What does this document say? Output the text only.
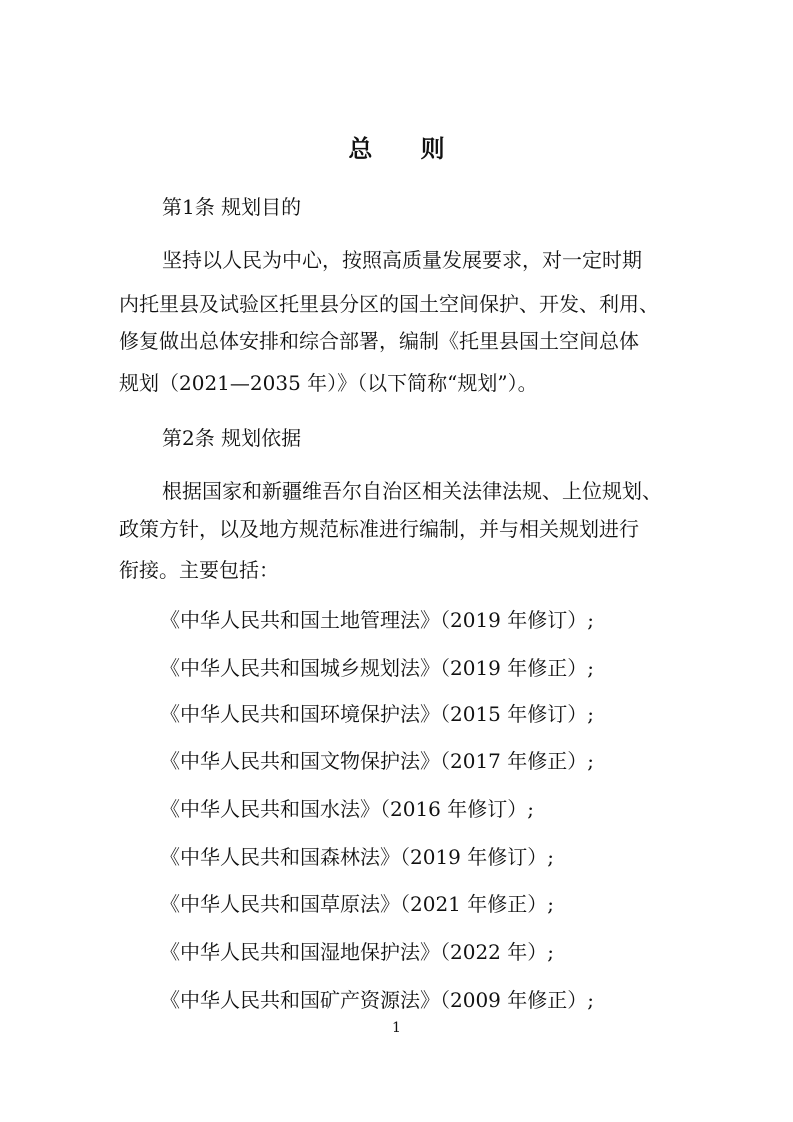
总 则
第1条 规划目的
坚持以人民为中心，按照高质量发展要求，对一定时期
内托里县及试验区托里县分区的国土空间保护、开发、利用、
修复做出总体安排和综合部署，编制《托里县国土空间总体
规划（2021—2035 年）》（以下简称“规划”）。
第2条 规划依据
根据国家和新疆维吾尔自治区相关法律法规、上位规划、
政策方针，以及地方规范标准进行编制，并与相关规划进行
衔接。主要包括：
《中华人民共和国土地管理法》（2019 年修订）;
《中华人民共和国城乡规划法》（2019 年修正）;
《中华人民共和国环境保护法》（2015 年修订）;
《中华人民共和国文物保护法》（2017 年修正）;
《中华人民共和国水法》（2016 年修订）;
《中华人民共和国森林法》（2019 年修订）;
《中华人民共和国草原法》（2021 年修正）;
《中华人民共和国湿地保护法》（2022 年）;
《中华人民共和国矿产资源法》（2009 年修正）;
1
